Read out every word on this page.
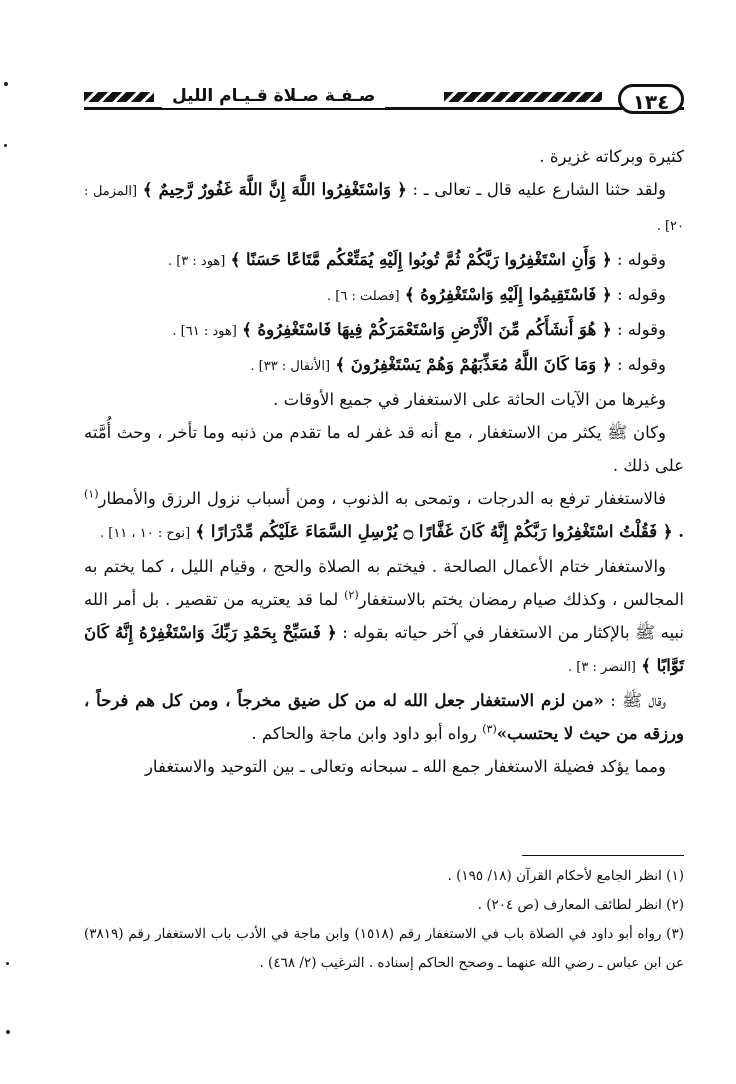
صـفـة صـلاة قـيـام الليل	١٣٤

كثيرة وبركاته غزيرة .

ولقد حثنا الشارع عليه قال ـ تعالى ـ : ﴿ وَاسْتَغْفِرُوا اللَّهَ إِنَّ اللَّهَ غَفُورٌ رَّحِيمٌ ﴾ [المزمل : ٢٠] .

وقوله : ﴿ وَأَنِ اسْتَغْفِرُوا رَبَّكُمْ ثُمَّ تُوبُوا إِلَيْهِ يُمَتِّعْكُم مَّتَاعًا حَسَنًا ﴾ [هود : ٣] .

وقوله : ﴿ فَاسْتَقِيمُوا إِلَيْهِ وَاسْتَغْفِرُوهُ ﴾ [فصلت : ٦] .

وقوله : ﴿ هُوَ أَنشَأَكُم مِّنَ الْأَرْضِ وَاسْتَعْمَرَكُمْ فِيهَا فَاسْتَغْفِرُوهُ ﴾ [هود : ٦١] .

وقوله : ﴿ وَمَا كَانَ اللَّهُ مُعَذِّبَهُمْ وَهُمْ يَسْتَغْفِرُونَ ﴾ [الأنفال : ٣٣] .

وغيرها من الآيات الحاثة على الاستغفار في جميع الأوقات .

وكان ﷺ يكثر من الاستغفار ، مع أنه قد غفر له ما تقدم من ذنبه وما تأخر ، وحث أُمَّته على ذلك .

فالاستغفار ترفع به الدرجات ، وتمحى به الذنوب ، ومن أسباب نزول الرزق والأمطار$^{(١)}$ . ﴿ فَقُلْتُ اسْتَغْفِرُوا رَبَّكُمْ إِنَّهُ كَانَ غَفَّارًا ۝ يُرْسِلِ السَّمَاءَ عَلَيْكُم مِّدْرَارًا ﴾ [نوح : ١٠ ، ١١] .

والاستغفار ختام الأعمال الصالحة . فيختم به الصلاة والحج ، وقيام الليل ، كما يختم به المجالس ، وكذلك صيام رمضان يختم بالاستغفار$^{(٢)}$ لما قد يعتريه من تقصير . بل أمر الله نبيه ﷺ بالإكثار من الاستغفار في آخر حياته بقوله : ﴿ فَسَبِّحْ بِحَمْدِ رَبِّكَ وَاسْتَغْفِرْهُ إِنَّهُ كَانَ تَوَّابًا ﴾ [النصر : ٣] .

وقال ﷺ : «من لزم الاستغفار جعل الله له من كل ضيق مخرجاً ، ومن كل هم فرحاً ، ورزقه من حيث لا يحتسب»$^{(٣)}$ رواه أبو داود وابن ماجة والحاكم .

ومما يؤكد فضيلة الاستغفار جمع الله ـ سبحانه وتعالى ـ بين التوحيد والاستغفار

(١) انظر الجامع لأحكام القرآن (١٨/ ١٩٥) .

(٢) انظر لطائف المعارف (ص ٢٠٤) .

(٣) رواه أبو داود في الصلاة باب في الاستغفار رقم (١٥١٨) وابن ماجة في الأدب باب الاستغفار رقم (٣٨١٩) عن ابن عباس ـ رضي الله عنهما ـ وصحح الحاكم إسناده . الترغيب (٢/ ٤٦٨) .
